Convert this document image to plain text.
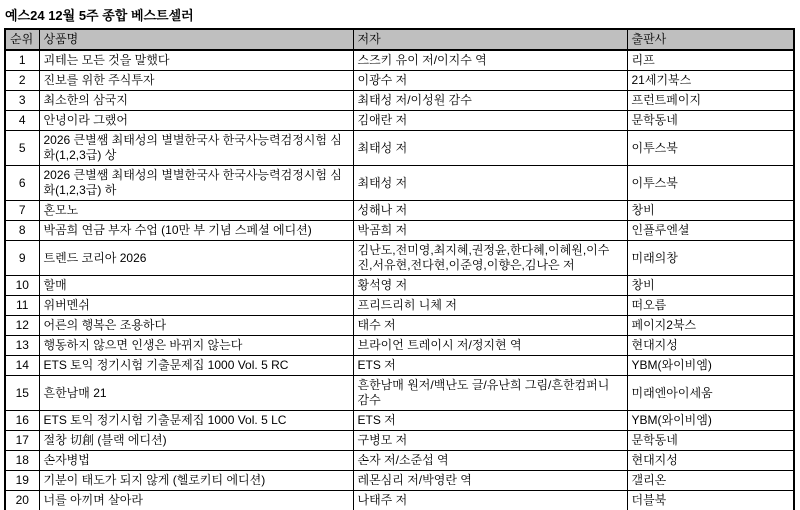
예스24 12월 5주 종합 베스트셀러
순위	상품명	저자	출판사
1	괴테는 모든 것을 말했다	스즈키 유이 저/이지수 역	리프
2	진보를 위한 주식투자	이광수 저	21세기북스
3	최소한의 삼국지	최태성 저/이성원 감수	프런트페이지
4	안녕이라 그랬어	김애란 저	문학동네
5	2026 큰별쌤 최태성의 별별한국사 한국사능력검정시험 심화(1,2,3급) 상	최태성 저	이투스북
6	2026 큰별쌤 최태성의 별별한국사 한국사능력검정시험 심화(1,2,3급) 하	최태성 저	이투스북
7	혼모노	성해나 저	창비
8	박곰희 연금 부자 수업 (10만 부 기념 스페셜 에디션)	박곰희 저	인플루엔셜
9	트렌드 코리아 2026	김난도,전미영,최지혜,권정윤,한다혜,이혜원,이수진,서유현,전다현,이준영,이향은,김나은 저	미래의창
10	할매	황석영 저	창비
11	위버멘쉬	프리드리히 니체 저	떠오름
12	어른의 행복은 조용하다	태수 저	페이지2북스
13	행동하지 않으면 인생은 바뀌지 않는다	브라이언 트레이시 저/정지현 역	현대지성
14	ETS 토익 정기시험 기출문제집 1000 Vol. 5 RC	ETS 저	YBM(와이비엠)
15	흔한남매 21	흔한남매 원저/백난도 글/유난희 그림/흔한컴퍼니 감수	미래엔아이세움
16	ETS 토익 정기시험 기출문제집 1000 Vol. 5 LC	ETS 저	YBM(와이비엠)
17	절창 切創 (블랙 에디션)	구병모 저	문학동네
18	손자병법	손자 저/소준섭 역	현대지성
19	기분이 태도가 되지 않게 (헬로키티 에디션)	레몬심리 저/박영란 역	갤리온
20	너를 아끼며 살아라	나태주 저	더블북
